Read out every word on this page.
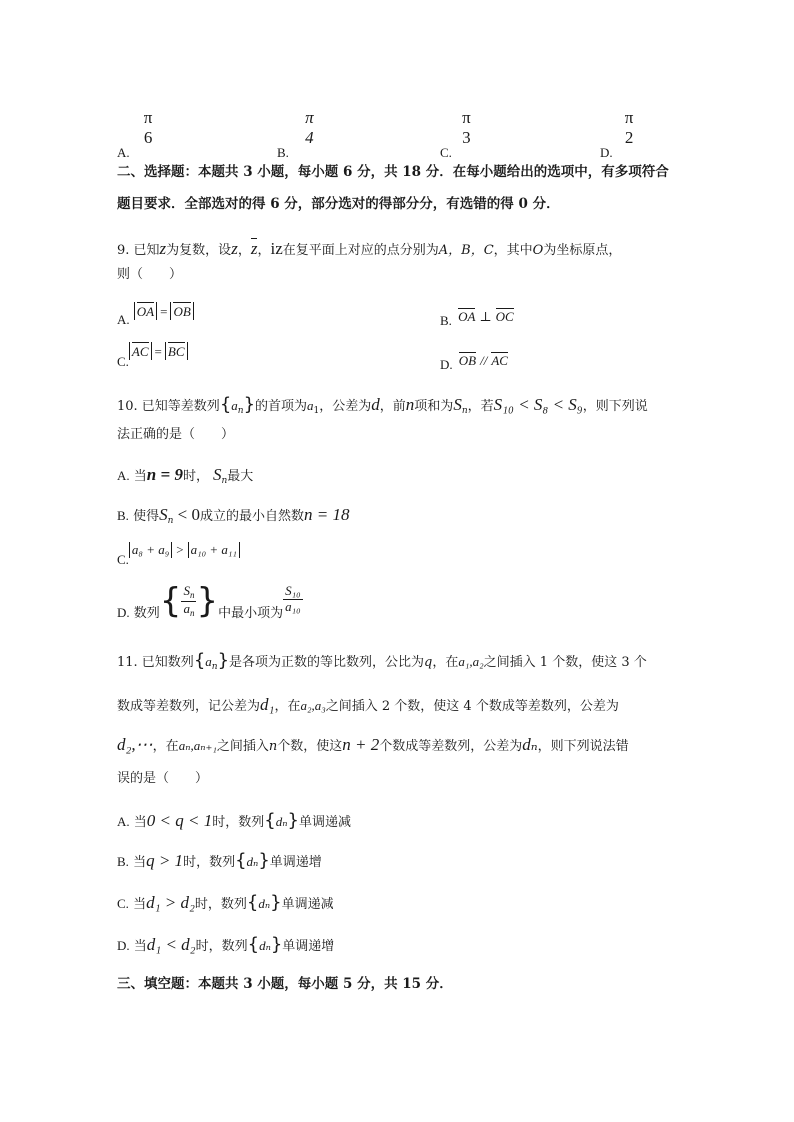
A.
π
6
B.
π
4
C.
π
3
D.
π
2
二、选择题：本题共 3 小题，每小题 6 分，共 18 分．在每小题给出的选项中，有多项符合
题目要求．全部选对的得 6 分，部分选对的得部分分，有选错的得 0 分．
9. 已知z为复数，设z，z，iz在复平面上对应的点分别为A，B，C，其中O为坐标原点，
则（　　）
A. OA = OB
B. OA ⊥ OC
C.AC = BC
D. OB // AC
10. 已知等差数列$\{a_n\}$的首项为$a_1$，公差为d，前n项和为$S_n$，若S₁₀ < S₈ < S₉，则下列说
法正确的是（　　）
A. 当n = 9时， $S_n$最大
B. 使得$S_n < 0$成立的最小自然数n = 18
C.a₈ + a₉ > a₁₀ + a₁₁
D. 数列{ $\frac{S_n}{a_n}$ }中最小项为 $\frac{\text{S₁₀}}{\text{a₁₀}}$
11. 已知数列$\{a_n\}$是各项为正数的等比数列，公比为q，在a₁,a₂之间插入 1 个数，使这 3 个
数成等差数列，记公差为d₁，在a₂,a₃之间插入 2 个数，使这 4 个数成等差数列，公差为
d₂,⋯，在aₙ,aₙ₊₁之间插入n个数，使这n + 2个数成等差数列，公差为dₙ，则下列说法错
误的是（　　）
A. 当0 < q < 1时，数列{dₙ}单调递减
B. 当q > 1时，数列{dₙ}单调递增
C. 当d₁ > d₂时，数列{dₙ}单调递减
D. 当d₁ < d₂时，数列{dₙ}单调递增
三、填空题：本题共 3 小题，每小题 5 分，共 15 分．
